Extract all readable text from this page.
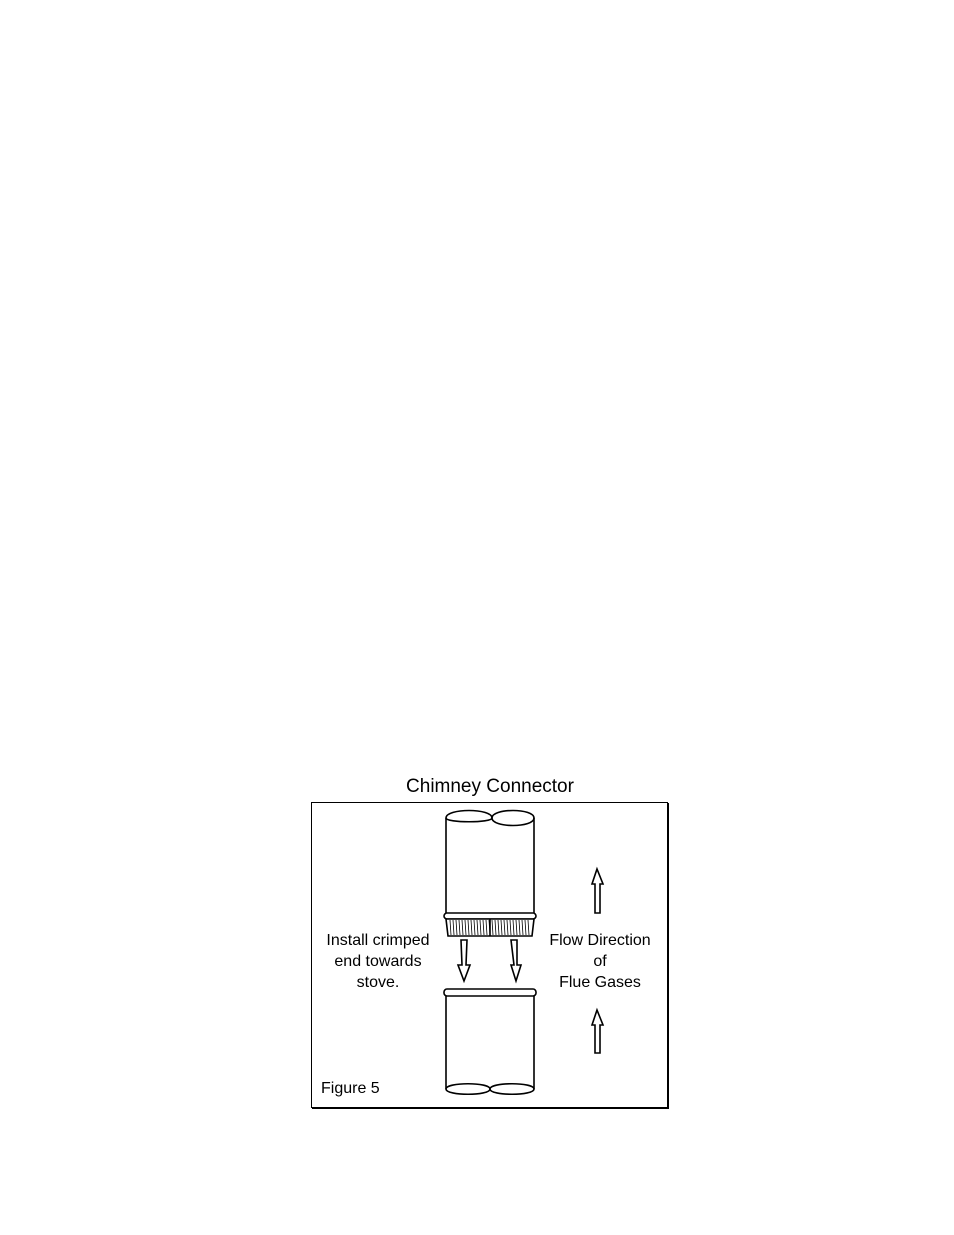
Chimney Connector
Install crimped
end towards
stove.
Flow Direction
of
Flue Gases
Figure 5
